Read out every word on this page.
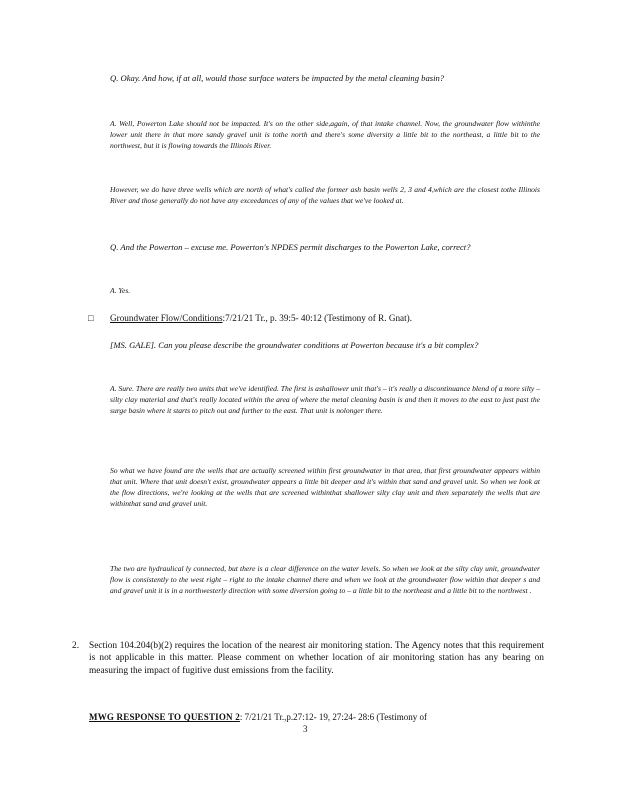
Q. Okay. And how, if at all, would those surface waters be impacted by the metal cleaning basin?

A. Well, Powerton Lake should not be impacted. It's on the other side,again, of that intake channel. Now, the groundwater flow withinthe lower unit there in that more sandy gravel unit is tothe north and there's some diversity a little bit to the northeast, a little bit to the northwest, but it is flowing towards the Illinois River.

However, we do have three wells which are north of what's called the former ash basin wells 2, 3 and 4,which are the closest tothe Illinois River and those generally do not have any exceedances of any of the values that we've looked at.

Q. And the Powerton – excuse me. Powerton's NPDES permit discharges to the Powerton Lake, correct?

A. Yes.

□	Groundwater Flow/Conditions:7/21/21 Tr., p. 39:5- 40:12 (Testimony of R. Gnat).

[MS. GALE]. Can you please describe the groundwater conditions at Powerton because it's a bit complex?

A. Sure. There are really two units that we've identified. The first is ashallower unit that's – it's really a discontinuance blend of a more silty – silty clay material and that's really located within the area of where the metal cleaning basin is and then it moves to the east to just past the surge basin where it starts to pitch out and further to the east. That unit is nolonger there.

So what we have found are the wells that are actually screened within first groundwater in that area, that first groundwater appears within that unit. Where that unit doesn't exist, groundwater appears a little bit deeper and it's within that sand and gravel unit. So when we look at the flow directions, we're looking at the wells that are screened withinthat shallower silty clay unit and then separately the wells that are withinthat sand and gravel unit.

The two are hydraulical ly connected, but there is a clear difference on the water levels. So when we look at the silty clay unit, groundwater flow is consistently to the west right – right to the intake channel there and when we look at the groundwater flow within that deeper s and and gravel unit it is in a northwesterly direction with some diversion going to – a little bit to the northeast and a little bit to the northwest .

2. Section 104.204(b)(2) requires the location of the nearest air monitoring station. The Agency notes that this requirement is not applicable in this matter. Please comment on whether location of air monitoring station has any bearing on measuring the impact of fugitive dust emissions from the facility.
MWG RESPONSE TO QUESTION 2: 7/21/21 Tr.,p.27:12- 19, 27:24- 28:6 (Testimony of
3
